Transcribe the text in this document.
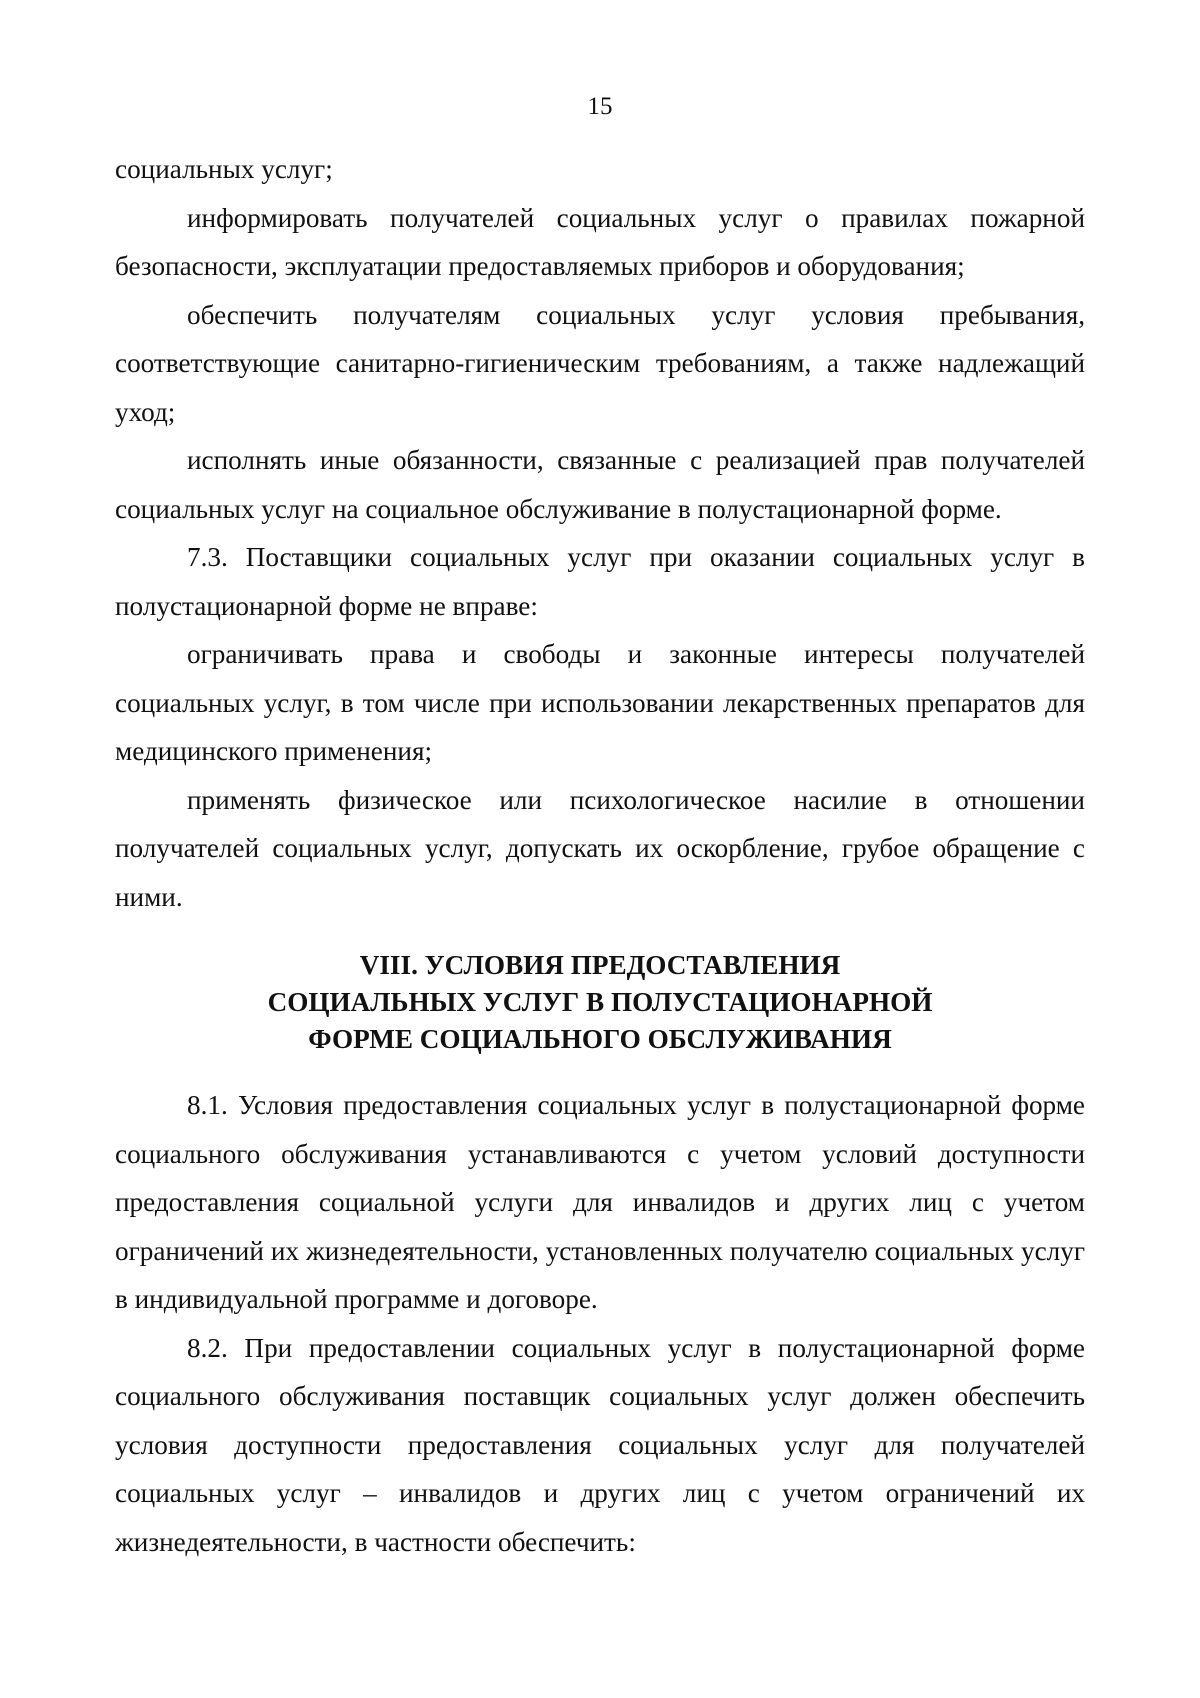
15

социальных услуг;

информировать получателей социальных услуг о правилах пожарной безопасности, эксплуатации предоставляемых приборов и оборудования;

обеспечить получателям социальных услуг условия пребывания, соответствующие санитарно-гигиеническим требованиям, а также надлежащий уход;

исполнять иные обязанности, связанные с реализацией прав получателей социальных услуг на социальное обслуживание в полустационарной форме.

7.3. Поставщики социальных услуг при оказании социальных услуг в полустационарной форме не вправе:

ограничивать права и свободы и законные интересы получателей социальных услуг, в том числе при использовании лекарственных препаратов для медицинского применения;

применять физическое или психологическое насилие в отношении получателей социальных услуг, допускать их оскорбление, грубое обращение с ними.

VIII. УСЛОВИЯ ПРЕДОСТАВЛЕНИЯ
СОЦИАЛЬНЫХ УСЛУГ В ПОЛУСТАЦИОНАРНОЙ
ФОРМЕ СОЦИАЛЬНОГО ОБСЛУЖИВАНИЯ

8.1. Условия предоставления социальных услуг в полустационарной форме социального обслуживания устанавливаются с учетом условий доступности предоставления социальной услуги для инвалидов и других лиц с учетом ограничений их жизнедеятельности, установленных получателю социальных услуг в индивидуальной программе и договоре.

8.2. При предоставлении социальных услуг в полустационарной форме социального обслуживания поставщик социальных услуг должен обеспечить условия доступности предоставления социальных услуг для получателей социальных услуг – инвалидов и других лиц с учетом ограничений их жизнедеятельности, в частности обеспечить:
